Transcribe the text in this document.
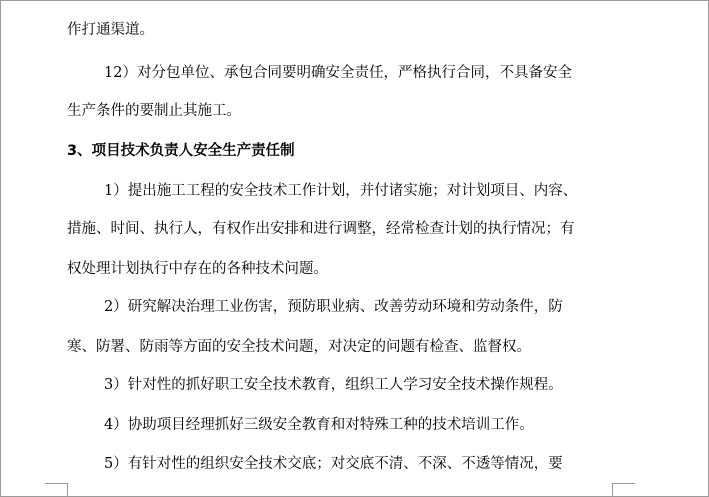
作打通渠道。
12）对分包单位、承包合同要明确安全责任，严格执行合同，不具备安全
生产条件的要制止其施工。
3、项目技术负责人安全生产责任制
1）提出施工工程的安全技术工作计划，并付诸实施；对计划项目、内容、
措施、时间、执行人，有权作出安排和进行调整，经常检查计划的执行情况；有
权处理计划执行中存在的各种技术问题。
2）研究解决治理工业伤害，预防职业病、改善劳动环境和劳动条件，防
寒、防署、防雨等方面的安全技术问题，对决定的问题有检查、监督权。
3）针对性的抓好职工安全技术教育，组织工人学习安全技术操作规程。
4）协助项目经理抓好三级安全教育和对特殊工种的技术培训工作。
5）有针对性的组织安全技术交底；对交底不清、不深、不透等情况，要
